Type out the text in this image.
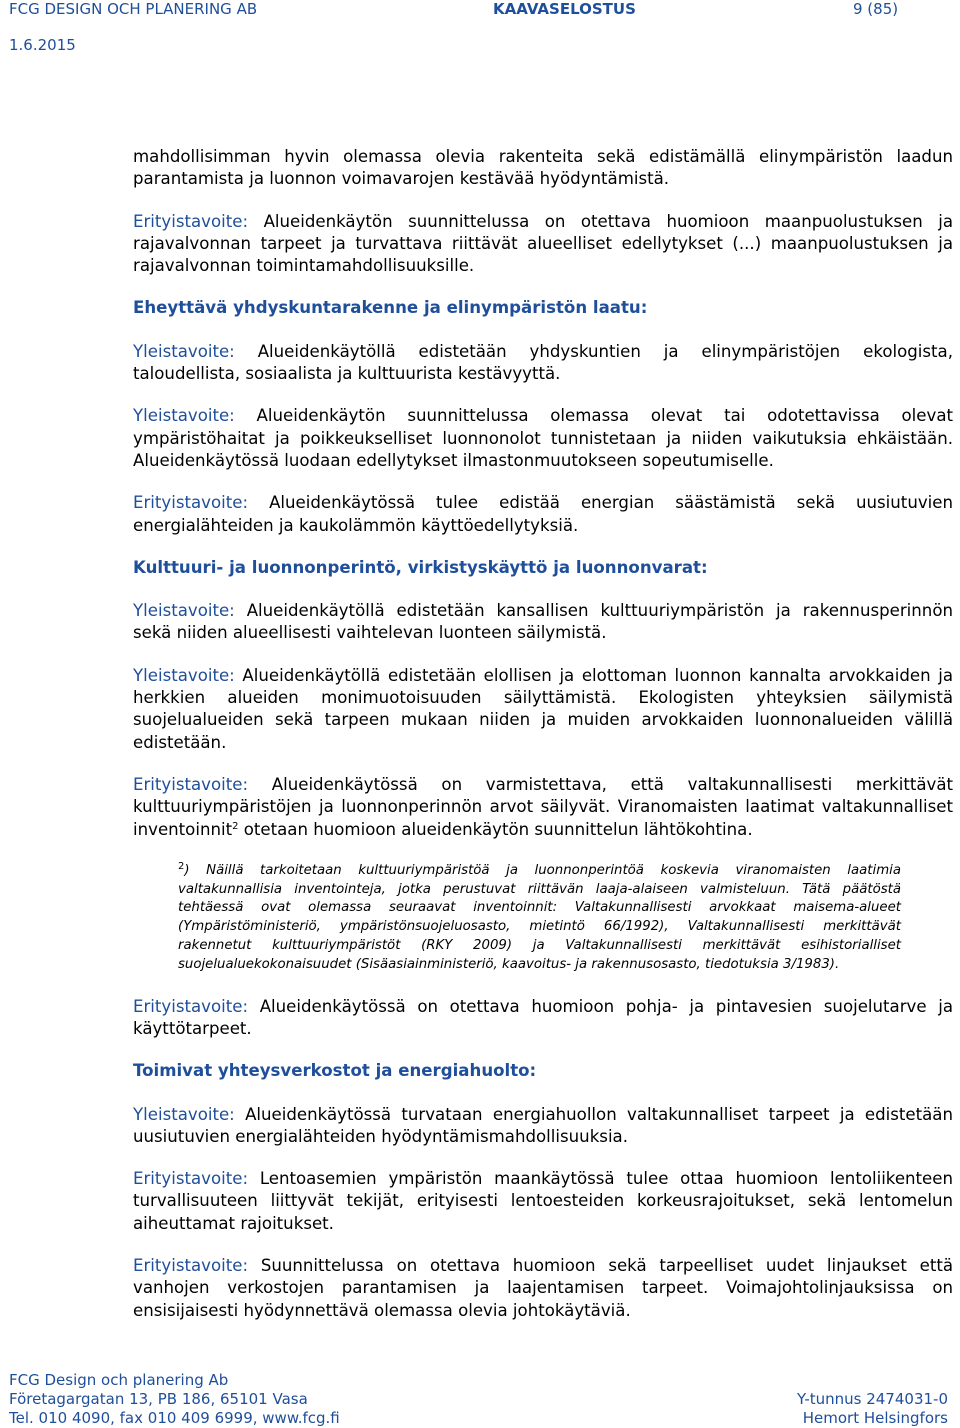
FCG DESIGN OCH PLANERING AB	KAAVASELOSTUS	9 (85)
1.6.2015

mahdollisimman hyvin olemassa olevia rakenteita sekä edistämällä elinympäristön laadun parantamista ja luonnon voimavarojen kestävää hyödyntämistä.

Erityistavoite: Alueidenkäytön suunnittelussa on otettava huomioon maanpuolustuksen ja rajavalvonnan tarpeet ja turvattava riittävät alueelliset edellytykset (...) maanpuolustuksen ja rajavalvonnan toimintamahdollisuuksille.

Eheyttävä yhdyskuntarakenne ja elinympäristön laatu:

Yleistavoite: Alueidenkäytöllä edistetään yhdyskuntien ja elinympäristöjen ekologista, taloudellista, sosiaalista ja kulttuurista kestävyyttä.

Yleistavoite: Alueidenkäytön suunnittelussa olemassa olevat tai odotettavissa olevat ympäristöhaitat ja poikkeukselliset luonnonolot tunnistetaan ja niiden vaikutuksia ehkäistään. Alueidenkäytössä luodaan edellytykset ilmastonmuutokseen sopeutumiselle.

Erityistavoite: Alueidenkäytössä tulee edistää energian säästämistä sekä uusiutuvien energialähteiden ja kaukolämmön käyttöedellytyksiä.

Kulttuuri- ja luonnonperintö, virkistyskäyttö ja luonnonvarat:

Yleistavoite: Alueidenkäytöllä edistetään kansallisen kulttuuriympäristön ja rakennusperinnön sekä niiden alueellisesti vaihtelevan luonteen säilymistä.

Yleistavoite: Alueidenkäytöllä edistetään elollisen ja elottoman luonnon kannalta arvokkaiden ja herkkien alueiden monimuotoisuuden säilyttämistä. Ekologisten yhteyksien säilymistä suojelualueiden sekä tarpeen mukaan niiden ja muiden arvokkaiden luonnonalueiden välillä edistetään.

Erityistavoite: Alueidenkäytössä on varmistettava, että valtakunnallisesti merkittävät kulttuuriympäristöjen ja luonnonperinnön arvot säilyvät. Viranomaisten laatimat valtakunnalliset inventoinnit$^2$ otetaan huomioon alueidenkäytön suunnittelun lähtökohtina.

$^2$) Näillä tarkoitetaan kulttuuriympäristöä ja luonnonperintöä koskevia viranomaisten laatimia valtakunnallisia inventointeja, jotka perustuvat riittävän laaja-alaiseen valmisteluun. Tätä päätöstä tehtäessä ovat olemassa seuraavat inventoinnit: Valtakunnallisesti arvokkaat maisema-alueet (Ympäristöministeriö, ympäristönsuojeluosasto, mietintö 66/1992), Valtakunnallisesti merkittävät rakennetut kulttuuriympäristöt (RKY 2009) ja Valtakunnallisesti merkittävät esihistorialliset suojelualuekokonaisuudet (Sisäasiainministeriö, kaavoitus- ja rakennusosasto, tiedotuksia 3/1983).

Erityistavoite: Alueidenkäytössä on otettava huomioon pohja- ja pintavesien suojelutarve ja käyttötarpeet.

Toimivat yhteysverkostot ja energiahuolto:

Yleistavoite: Alueidenkäytössä turvataan energiahuollon valtakunnalliset tarpeet ja edistetään uusiutuvien energialähteiden hyödyntämismahdollisuuksia.

Erityistavoite: Lentoasemien ympäristön maankäytössä tulee ottaa huomioon lentoliikenteen turvallisuuteen liittyvät tekijät, erityisesti lentoesteiden korkeusrajoitukset, sekä lentomelun aiheuttamat rajoitukset.

Erityistavoite: Suunnittelussa on otettava huomioon sekä tarpeelliset uudet linjaukset että vanhojen verkostojen parantamisen ja laajentamisen tarpeet. Voimajohtolinjauksissa on ensisijaisesti hyödynnettävä olemassa olevia johtokäytäviä.

FCG Design och planering Ab
Företagargatan 13, PB 186, 65101 Vasa	Y-tunnus 2474031-0
Tel. 010 4090, fax 010 409 6999, www.fcg.fi	Hemort Helsingfors
